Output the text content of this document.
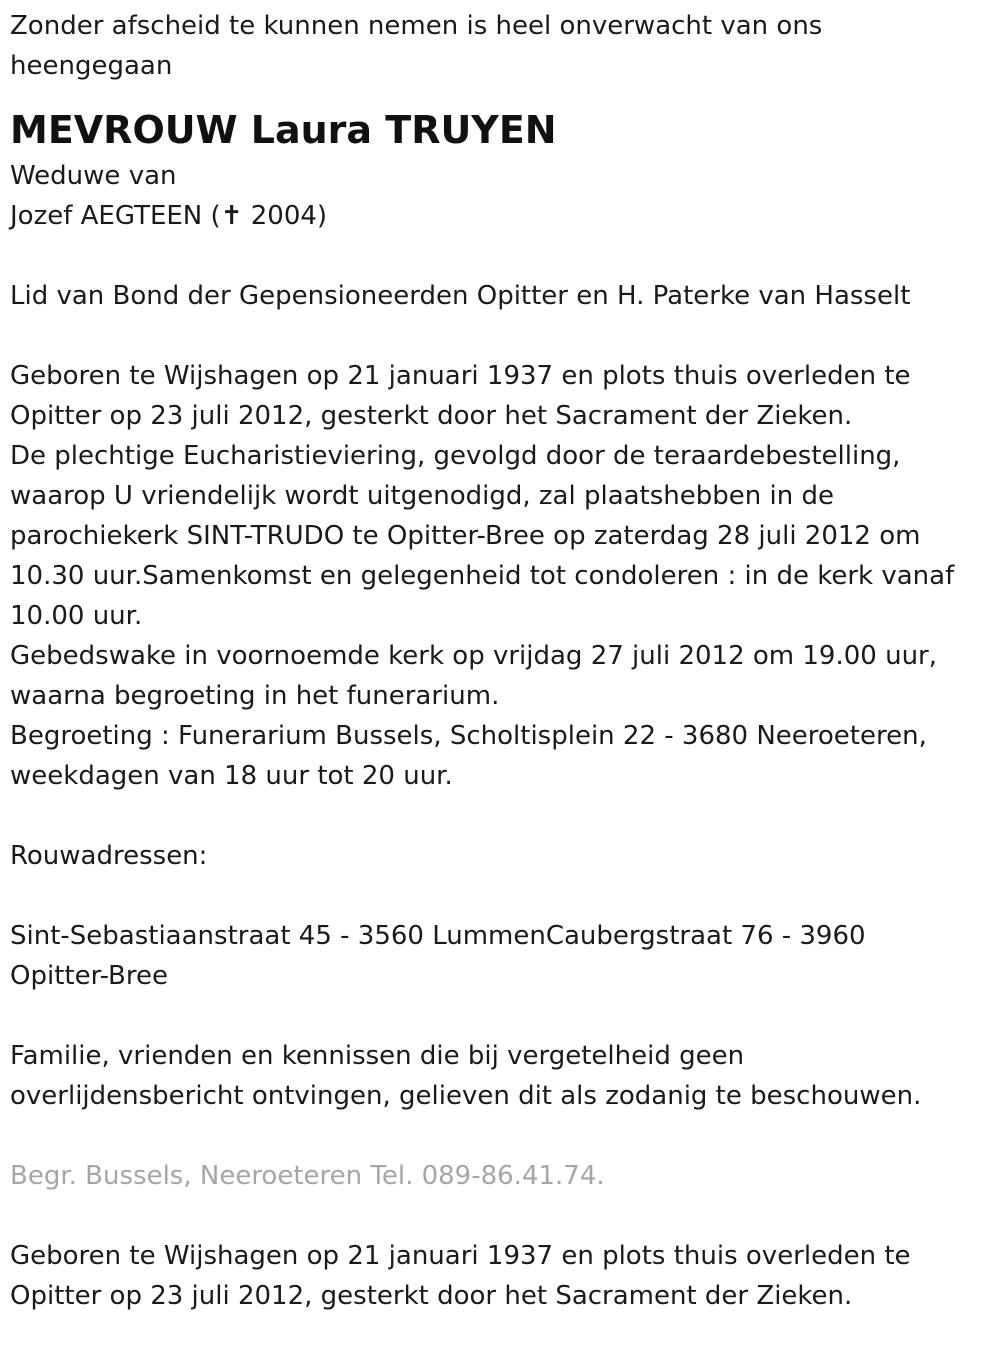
Zonder afscheid te kunnen nemen is heel onverwacht van ons
heengegaan

MEVROUW Laura TRUYEN

Weduwe van
Jozef AEGTEEN (✝ 2004)

Lid van Bond der Gepensioneerden Opitter en H. Paterke van Hasselt

Geboren te Wijshagen op 21 januari 1937 en plots thuis overleden te
Opitter op 23 juli 2012, gesterkt door het Sacrament der Zieken.
De plechtige Eucharistieviering, gevolgd door de teraardebestelling,
waarop U vriendelijk wordt uitgenodigd, zal plaatshebben in de
parochiekerk SINT-TRUDO te Opitter-Bree op zaterdag 28 juli 2012 om
10.30 uur.Samenkomst en gelegenheid tot condoleren : in de kerk vanaf
10.00 uur.
Gebedswake in voornoemde kerk op vrijdag 27 juli 2012 om 19.00 uur,
waarna begroeting in het funerarium.
Begroeting : Funerarium Bussels, Scholtisplein 22 - 3680 Neeroeteren,
weekdagen van 18 uur tot 20 uur.

Rouwadressen:

Sint-Sebastiaanstraat 45 - 3560 LummenCaubergstraat 76 - 3960
Opitter-Bree

Familie, vrienden en kennissen die bij vergetelheid geen
overlijdensbericht ontvingen, gelieven dit als zodanig te beschouwen.

Begr. Bussels, Neeroeteren Tel. 089-86.41.74.

Geboren te Wijshagen op 21 januari 1937 en plots thuis overleden te
Opitter op 23 juli 2012, gesterkt door het Sacrament der Zieken.
